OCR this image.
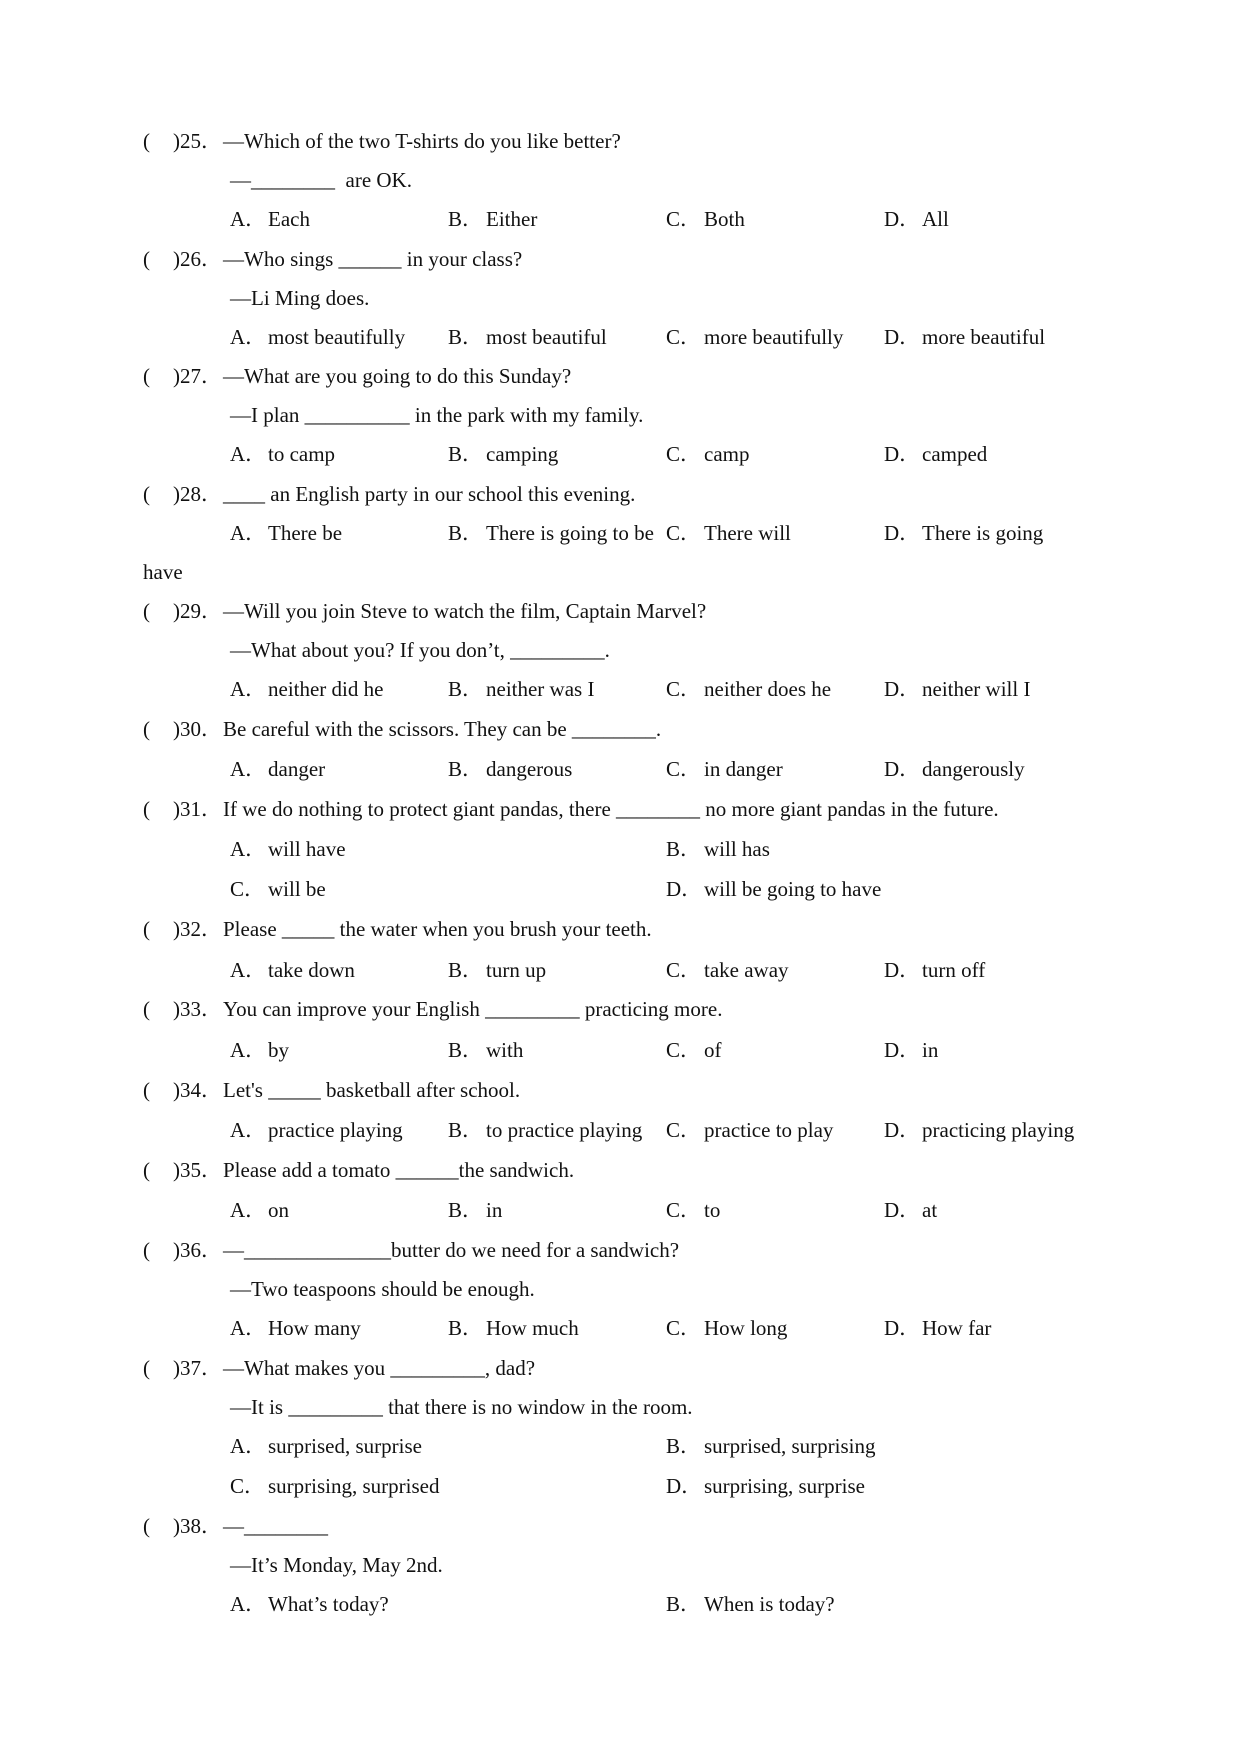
( )25． —Which of the two T-shirts do you like better?
—________  are OK.
A． Each	B． Either	C． Both	D． All
( )26． —Who sings ______ in your class?
—Li Ming does.
A． most beautifully B． most beautiful	C． more beautifully D． more beautiful
( )27． —What are you going to do this Sunday?
—I plan __________ in the park with my family.
A． to camp	B． camping	C． camp	D． camped
( )28． ____ an English party in our school this evening.
A． There be	B． There is going to be C． There will	D． There is going
have
( )29． —Will you join Steve to watch the film, Captain Marvel?
—What about you? If you don’t, _________.
A． neither did he	B． neither was I	C． neither does he	D． neither will I
( )30． Be careful with the scissors. They can be ________.
A． danger	B． dangerous	C． in danger	D． dangerously
( )31． If we do nothing to protect giant pandas, there ________ no more giant pandas in the future.
A． will have	B． will has
C． will be	D． will be going to have
( )32． Please _____ the water when you brush your teeth.
A． take down	B． turn up	C． take away	D． turn off
( )33． You can improve your English _________ practicing more.
A． by	B． with	C． of	D． in
( )34． Let's _____ basketball after school.
A． practice playing B． to practice playing C． practice to play D． practicing playing
( )35． Please add a tomato ______the sandwich.
A． on	B． in	C． to	D． at
( )36． —______________butter do we need for a sandwich?
—Two teaspoons should be enough.
A． How many	B． How much	C． How long	D． How far
( )37． —What makes you _________, dad?
—It is _________ that there is no window in the room.
A． surprised, surprise	B． surprised, surprising
C． surprising, surprised	D． surprising, surprise
( )38． —________
—It’s Monday, May 2nd.
A． What’s today?	B． When is today?
